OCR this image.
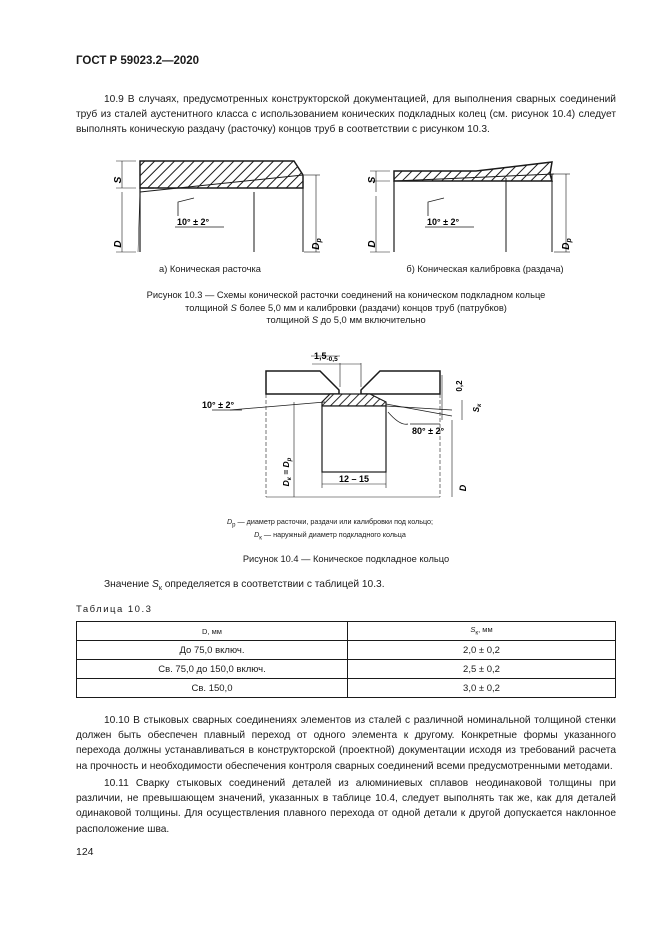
ГОСТ Р 59023.2—2020

10.9 В случаях, предусмотренных конструкторской документацией, для выполнения сварных соединений труб из сталей аустенитного класса с использованием конических подкладных колец (см. рисунок 10.4) следует выполнять коническую раздачу (расточку) концов труб в соответствии с рисунком 10.3.

S
D	$D_p$
10° ± 2°
S
D	$D_p$
10° ± 2°
а) Коническая расточка	б) Коническая калибровка (раздача)
Рисунок 10.3 — Схемы конической расточки соединений на коническом подкладном кольце
толщиной S более 5,0 мм и калибровки (раздачи) концов труб (патрубков)
толщиной S до 5,0 мм включительно
$1,5_{-0,5}$
10° ± 2°
80° ± 2°
0,2
$S_к$
D
$D_к = D_p$
12 – 15
$D_p$ — диаметр расточки, раздачи или калибровки под кольцо;
$D_к$ — наружный диаметр подкладного кольца
Рисунок 10.4 — Коническое подкладное кольцо
Значение $S_к$ определяется в соответствии с таблицей 10.3.
Таблица 10.3
D, мм	$S_к$, мм
До 75,0 включ.	2,0 ± 0,2
Св. 75,0 до 150,0 включ.	2,5 ± 0,2
Св. 150,0	3,0 ± 0,2

10.10 В стыковых сварных соединениях элементов из сталей с различной номинальной толщиной стенки должен быть обеспечен плавный переход от одного элемента к другому. Конкретные формы указанного перехода должны устанавливаться в конструкторской (проектной) документации исходя из требований расчета на прочность и необходимости обеспечения контроля сварных соединений всеми предусмотренными методами.

10.11 Сварку стыковых соединений деталей из алюминиевых сплавов неодинаковой толщины при различии, не превышающем значений, указанных в таблице 10.4, следует выполнять так же, как для деталей одинаковой толщины. Для осуществления плавного перехода от одной детали к другой допускается наклонное расположение шва.

124
